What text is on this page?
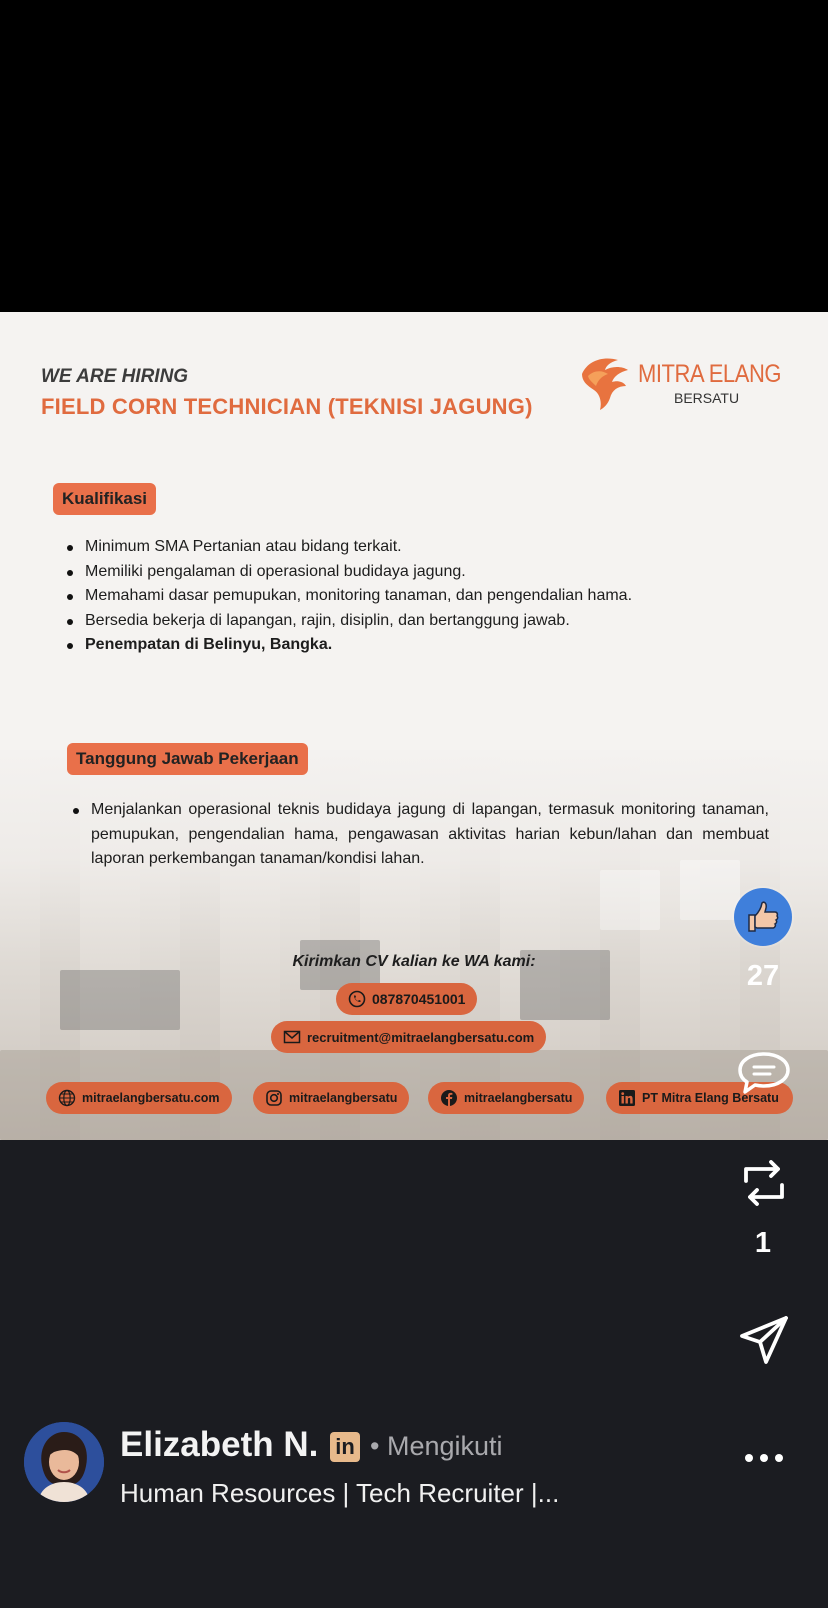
WE ARE HIRING
FIELD CORN TECHNICIAN (TEKNISI JAGUNG)
MITRA ELANG
BERSATU
Kualifikasi
Minimum SMA Pertanian atau bidang terkait.
Memiliki pengalaman di operasional budidaya jagung.
Memahami dasar pemupukan, monitoring tanaman, dan pengendalian hama.
Bersedia bekerja di lapangan, rajin, disiplin, dan bertanggung jawab.
Penempatan di Belinyu, Bangka.
Tanggung Jawab Pekerjaan
Menjalankan operasional teknis budidaya jagung di lapangan, termasuk monitoring tanaman, pemupukan, pengendalian hama, pengawasan aktivitas harian kebun/lahan dan membuat laporan perkembangan tanaman/kondisi lahan.
Kirimkan CV kalian ke WA kami:
087870451001
recruitment@mitraelangbersatu.com
mitraelangbersatu.com	mitraelangbersatu	mitraelangbersatu	PT Mitra Elang Bersatu
27
1
Elizabeth N. in • Mengikuti
Human Resources | Tech Recruiter |...
